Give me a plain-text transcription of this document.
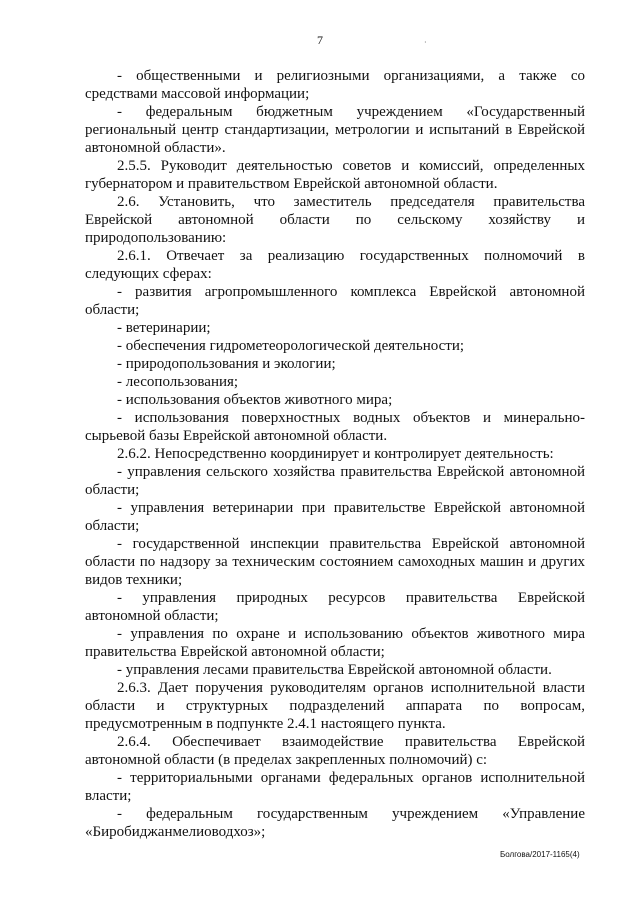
7	·
- общественными и религиозными организациями, а также со
средствами массовой информации;
- федеральным бюджетным учреждением «Государственный
региональный центр стандартизации, метрологии и испытаний в Еврейской
автономной области».
2.5.5. Руководит деятельностью советов и комиссий, определенных
губернатором и правительством Еврейской автономной области.
2.6. Установить, что заместитель председателя правительства
Еврейской автономной области по сельскому хозяйству и
природопользованию:
2.6.1. Отвечает за реализацию государственных полномочий в
следующих сферах:
- развития агропромышленного комплекса Еврейской автономной
области;
- ветеринарии;
- обеспечения гидрометеорологической деятельности;
- природопользования и экологии;
- лесопользования;
- использования объектов животного мира;
- использования поверхностных водных объектов и минерально-
сырьевой базы Еврейской автономной области.
2.6.2. Непосредственно координирует и контролирует деятельность:
- управления сельского хозяйства правительства Еврейской автономной
области;
- управления ветеринарии при правительстве Еврейской автономной
области;
- государственной инспекции правительства Еврейской автономной
области по надзору за техническим состоянием самоходных машин и других
видов техники;
- управления природных ресурсов правительства Еврейской
автономной области;
- управления по охране и использованию объектов животного мира
правительства Еврейской автономной области;
- управления лесами правительства Еврейской автономной области.
2.6.3. Дает поручения руководителям органов исполнительной власти
области и структурных подразделений аппарата по вопросам,
предусмотренным в подпункте 2.4.1 настоящего пункта.
2.6.4. Обеспечивает взаимодействие правительства Еврейской
автономной области (в пределах закрепленных полномочий) с:
- территориальными органами федеральных органов исполнительной
власти;
- федеральным государственным учреждением «Управление
«Биробиджанмелиоводхоз»;
Болгова/2017-1165(4)
